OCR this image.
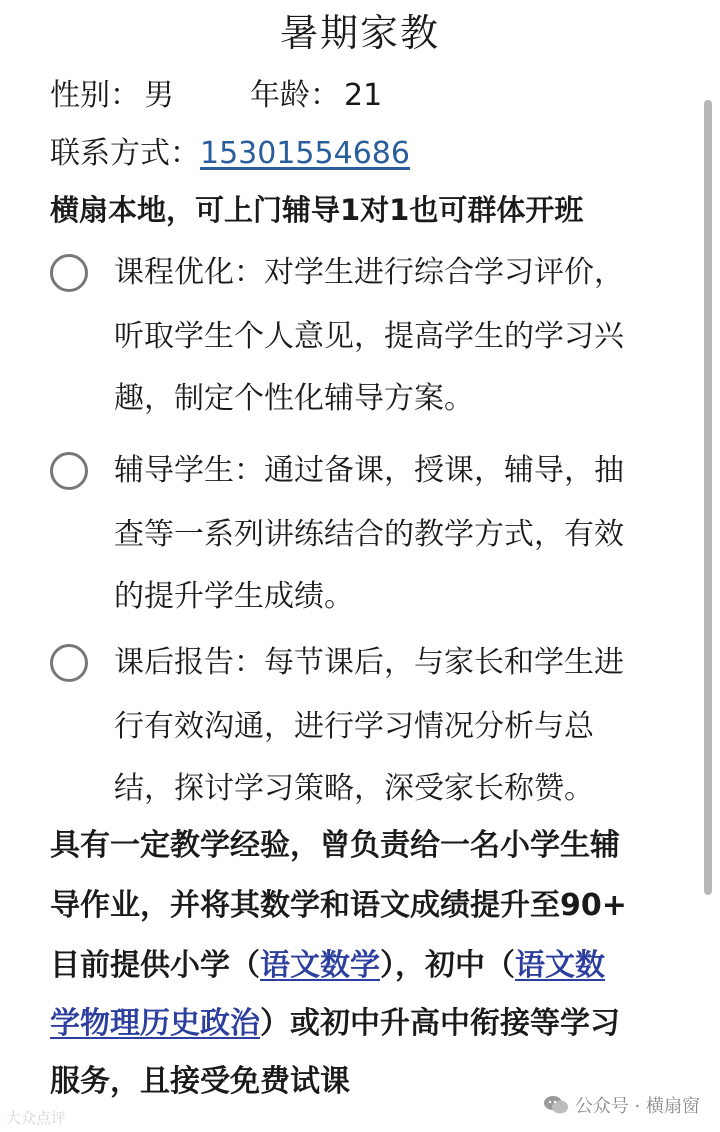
暑期家教
性别： 男	年龄： 21
联系方式：15301554686
横扇本地，可上门辅导1对1也可群体开班
课程优化：对学生进行综合学习评价，
听取学生个人意见，提高学生的学习兴
趣，制定个性化辅导方案。
辅导学生：通过备课，授课，辅导，抽
查等一系列讲练结合的教学方式，有效
的提升学生成绩。
课后报告：每节课后，与家长和学生进
行有效沟通，进行学习情况分析与总
结，探讨学习策略，深受家长称赞。
具有一定教学经验，曾负责给一名小学生辅
导作业，并将其数学和语文成绩提升至90+
目前提供小学（语文数学），初中（语文数
学物理历史政治）或初中升高中衔接等学习
服务，且接受免费试课
大众点评
公众号 · 横扇窗
